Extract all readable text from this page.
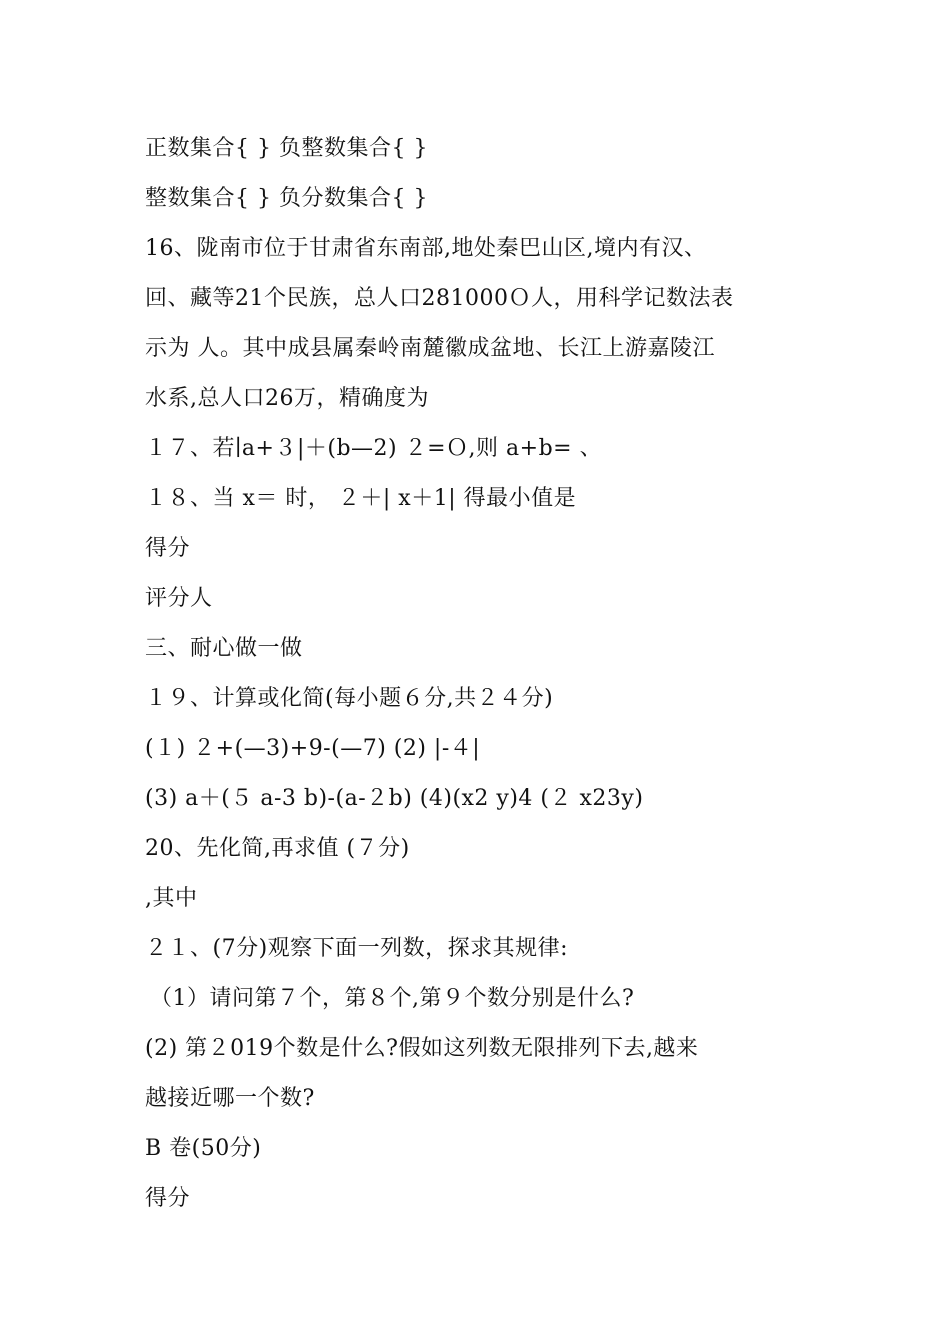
正数集合{ } 负整数集合{ }
整数集合{ } 负分数集合{ }
16、陇南市位于甘肃省东南部,地处秦巴山区,境内有汉、
回、藏等21个民族，总人口281000Ｏ人，用科学记数法表
示为 人。其中成县属秦岭南麓徽成盆地、长江上游嘉陵江
水系,总人口26万，精确度为
１７、若∣a+３|＋(b—2) ２=Ｏ,则 a+b= 、
１８、当 x＝ 时， ２＋| x＋1| 得最小值是
得分
评分人
三、耐心做一做
１９、计算或化简(每小题６分,共２４分)
(１) ２+(—3)+9-(—7) (2) |-４|
(3) a＋(５ a-3 b)-(a-２b) (4)(x2 y)4 (２ x23y)
20、先化简,再求值 (７分)
,其中
２１、(7分)观察下面一列数，探求其规律:
（1）请问第７个，第８个,第９个数分别是什么?
(2) 第２019个数是什么?假如这列数无限排列下去,越来
越接近哪一个数?
B 卷(50分)
得分
